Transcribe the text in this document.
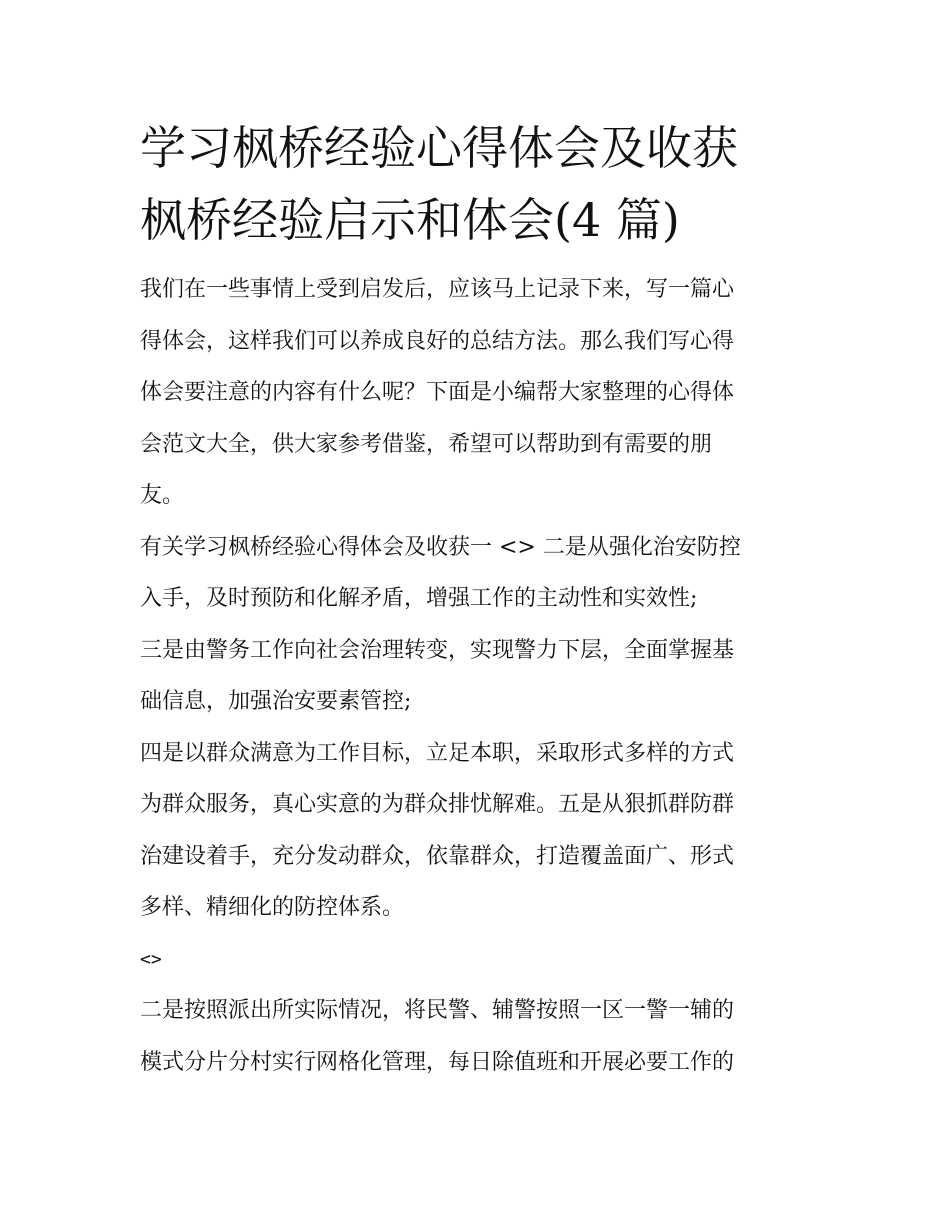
学习枫桥经验心得体会及收获
枫桥经验启示和体会(4 篇)

我们在一些事情上受到启发后，应该马上记录下来，写一篇心
得体会，这样我们可以养成良好的总结方法。那么我们写心得
体会要注意的内容有什么呢？下面是小编帮大家整理的心得体
会范文大全，供大家参考借鉴，希望可以帮助到有需要的朋
友。

有关学习枫桥经验心得体会及收获一 <> 二是从强化治安防控
入手，及时预防和化解矛盾，增强工作的主动性和实效性;

三是由警务工作向社会治理转变，实现警力下层，全面掌握基
础信息，加强治安要素管控;

四是以群众满意为工作目标，立足本职，采取形式多样的方式
为群众服务，真心实意的为群众排忧解难。五是从狠抓群防群
治建设着手，充分发动群众，依靠群众，打造覆盖面广、形式
多样、精细化的防控体系。

<>

二是按照派出所实际情况，将民警、辅警按照一区一警一辅的
模式分片分村实行网格化管理，每日除值班和开展必要工作的
